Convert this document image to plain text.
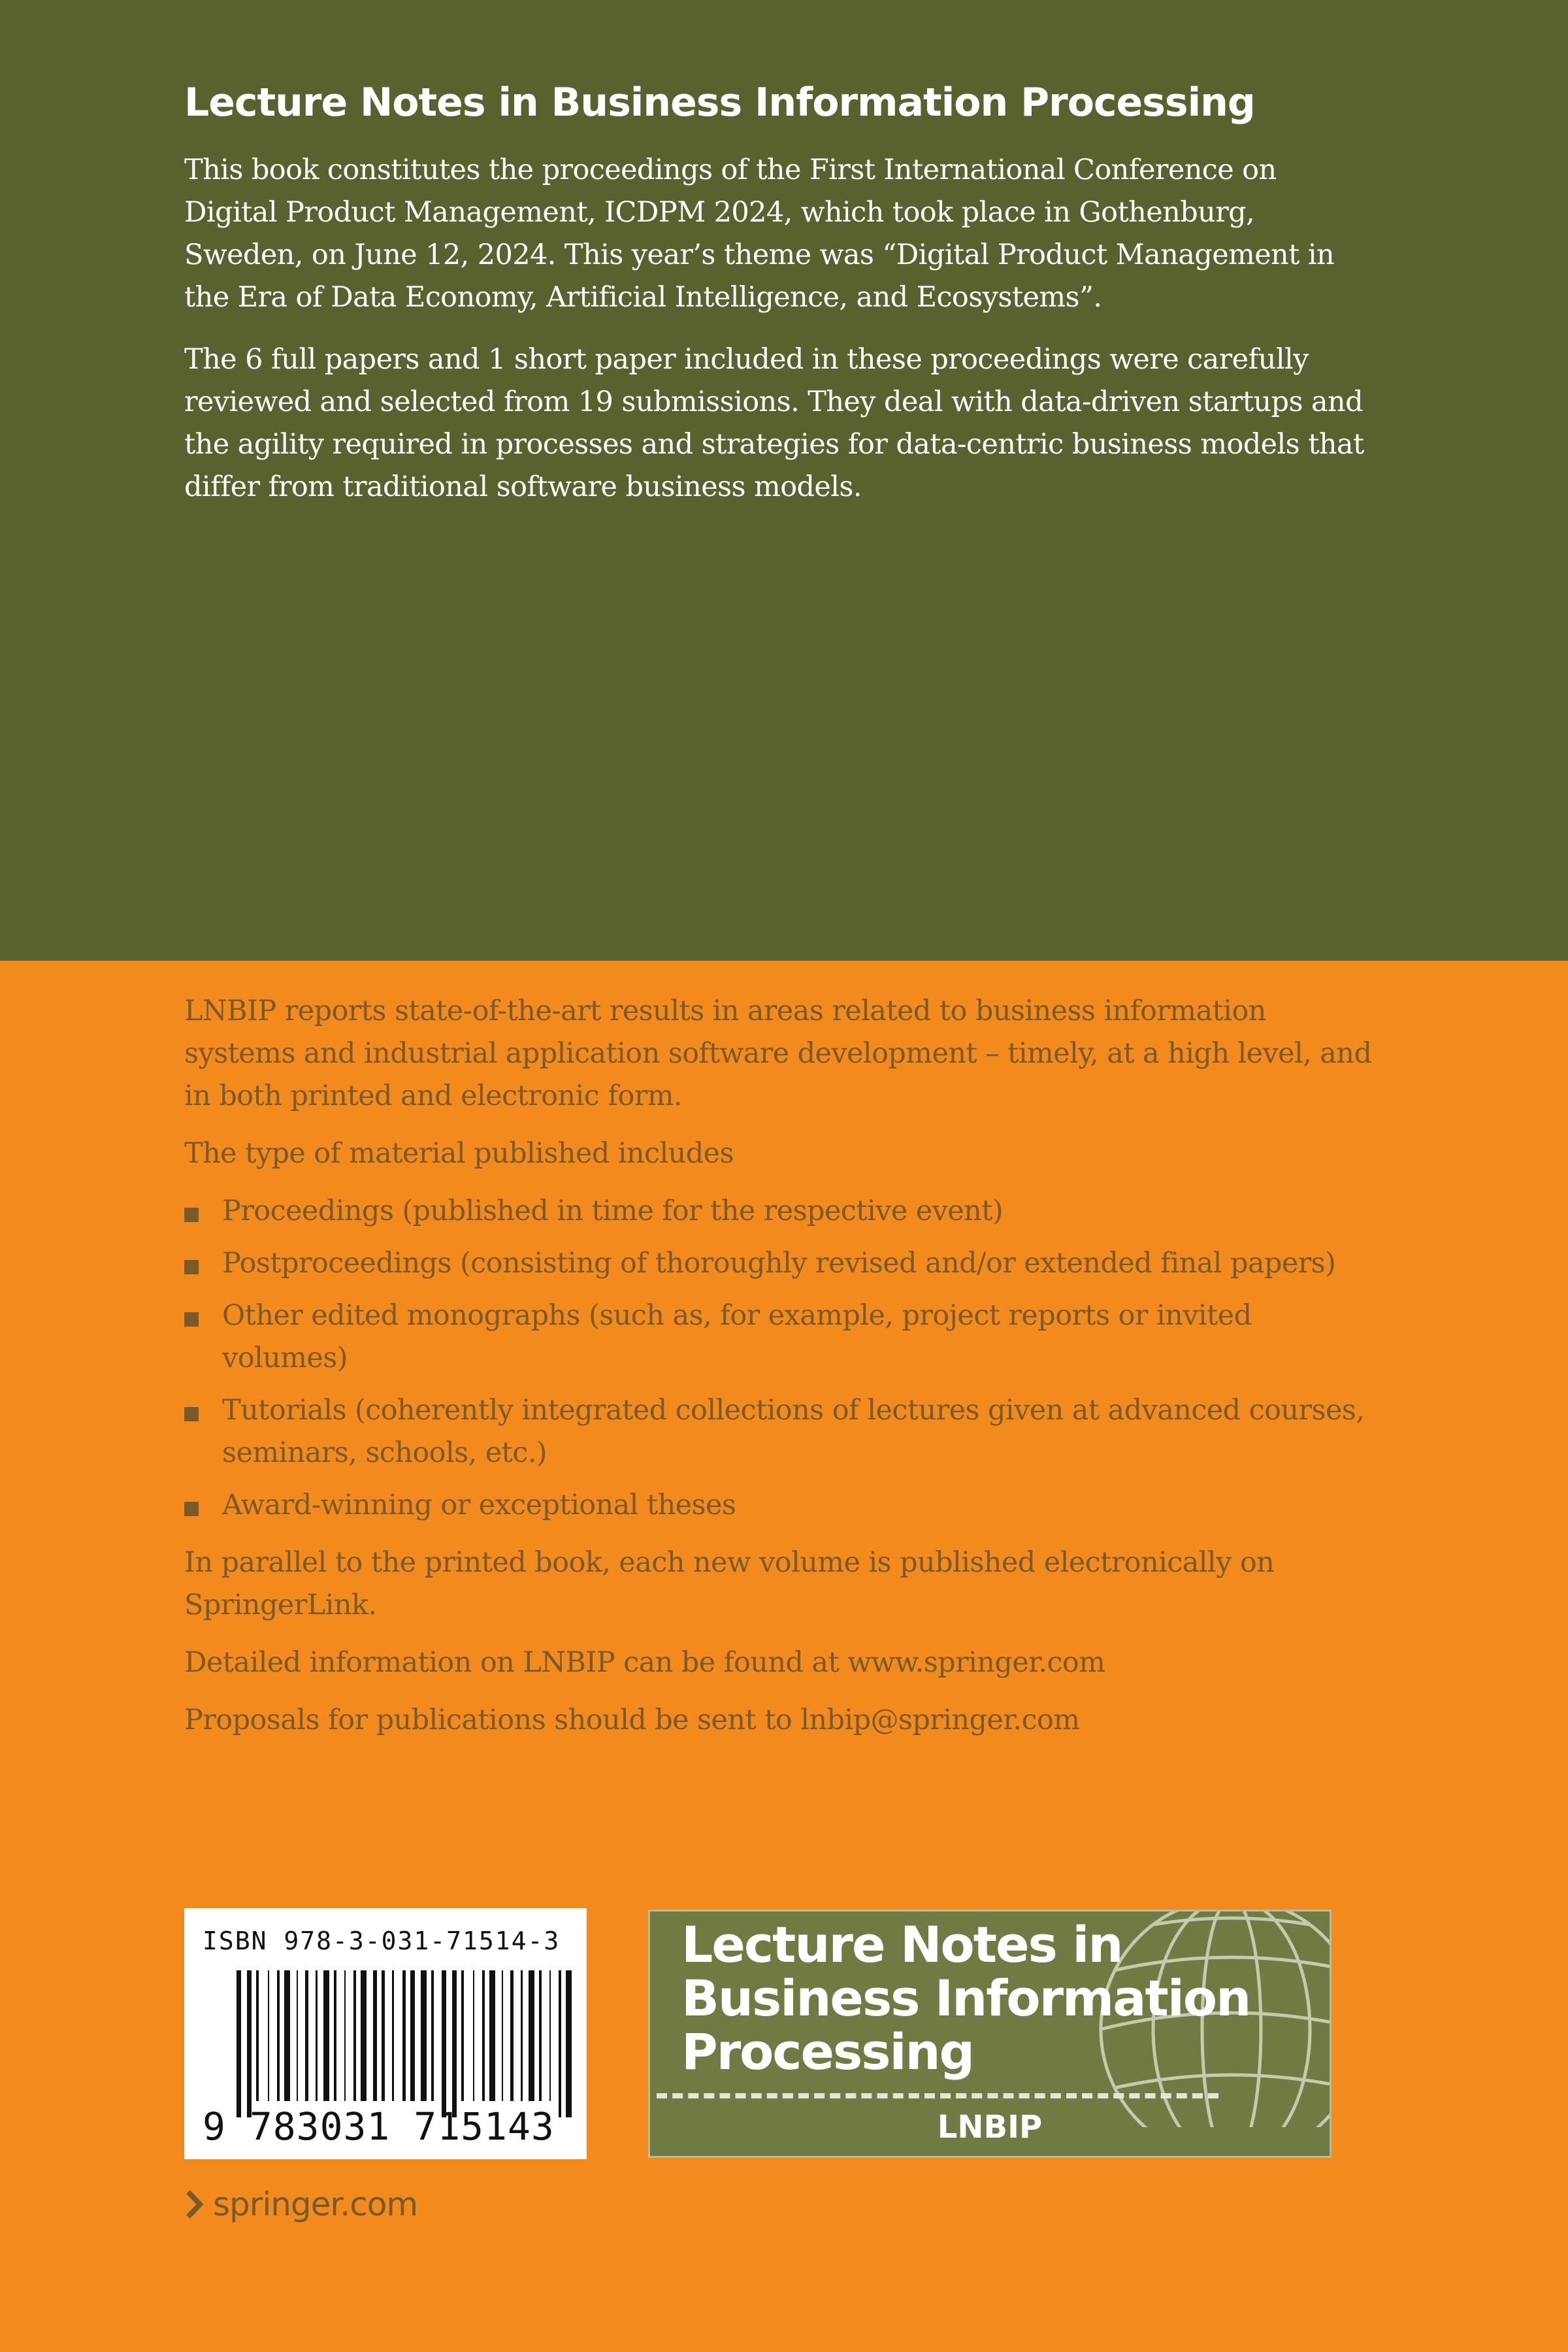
Lecture Notes in Business Information Processing

This book constitutes the proceedings of the First International Conference on Digital Product Management, ICDPM 2024, which took place in Gothenburg, Sweden, on June 12, 2024. This year’s theme was “Digital Product Management in the Era of Data Economy, Artificial Intelligence, and Ecosystems”.

The 6 full papers and 1 short paper included in these proceedings were carefully reviewed and selected from 19 submissions. They deal with data-driven startups and the agility required in processes and strategies for data-centric business models that differ from traditional software business models.

LNBIP reports state-of-the-art results in areas related to business information systems and industrial application software development – timely, at a high level, and in both printed and electronic form.

The type of material published includes

Proceedings (published in time for the respective event)
Postproceedings (consisting of thoroughly revised and/or extended final papers)
Other edited monographs (such as, for example, project reports or invited volumes)
Tutorials (coherently integrated collections of lectures given at advanced courses, seminars, schools, etc.)
Award-winning or exceptional theses

In parallel to the printed book, each new volume is published electronically on SpringerLink.

Detailed information on LNBIP can be found at www.springer.com

Proposals for publications should be sent to lnbip@springer.com

ISBN 978-3-031-71514-3
9 783031 715143
Lecture Notes in
Business Information
Processing
LNBIP
springer.com
